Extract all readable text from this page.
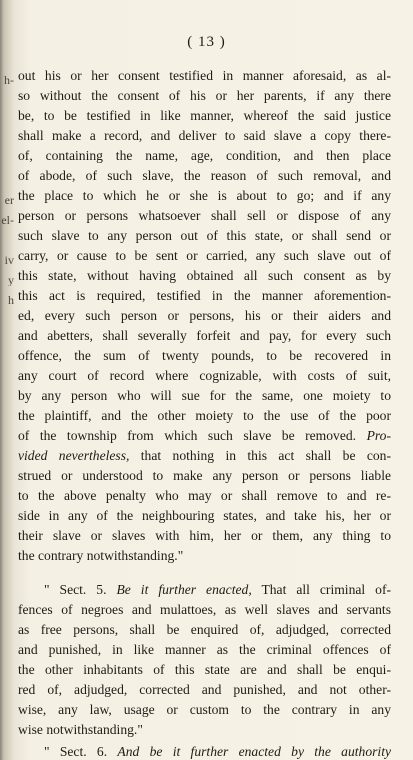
h-
er
el-
iv
y
h
( 13 )
out his or her consent testified in manner aforesaid, as al-
so without the consent of his or her parents, if any there
be, to be testified in like manner, whereof the said justice
shall make a record, and deliver to said slave a copy there-
of, containing the name, age, condition, and then place
of abode, of such slave, the reason of such removal, and
the place to which he or she is about to go; and if any
person or persons whatsoever shall sell or dispose of any
such slave to any person out of this state, or shall send or
carry, or cause to be sent or carried, any such slave out of
this state, without having obtained all such consent as by
this act is required, testified in the manner aforemention-
ed, every such person or persons, his or their aiders and
and abetters, shall severally forfeit and pay, for every such
offence, the sum of twenty pounds, to be recovered in
any court of record where cognizable, with costs of suit,
by any person who will sue for the same, one moiety to
the plaintiff, and the other moiety to the use of the poor
of the township from which such slave be removed. Pro-
vided nevertheless, that nothing in this act shall be con-
strued or understood to make any person or persons liable
to the above penalty who may or shall remove to and re-
side in any of the neighbouring states, and take his, her or
their slave or slaves with him, her or them, any thing to
the contrary notwithstanding."
" Sect. 5. Be it further enacted, That all criminal of-
fences of negroes and mulattoes, as well slaves and servants
as free persons, shall be enquired of, adjudged, corrected
and punished, in like manner as the criminal offences of
the other inhabitants of this state are and shall be enqui-
red of, adjudged, corrected and punished, and not other-
wise, any law, usage or custom to the contrary in any
wise notwithstanding."
" Sect. 6. And be it further enacted by the authority
